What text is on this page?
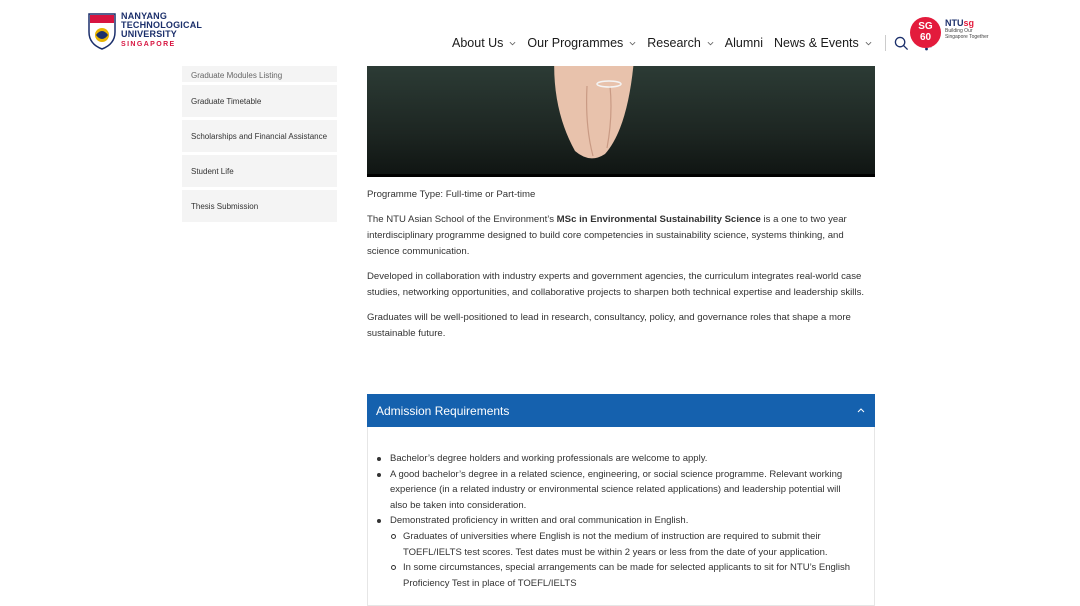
NANYANG
TECHNOLOGICAL
UNIVERSITY
SINGAPORE	About Us Our Programmes Research Alumni News & Events
SG
60
NTUsg
Building Our Singapore Together
Graduate Modules Listing
Graduate Timetable
Scholarships and Financial Assistance
Student Life
Thesis Submission

Programme Type: Full-time or Part-time

The NTU Asian School of the Environment’s MSc in Environmental Sustainability Science is a one to two year interdisciplinary programme designed to build core competencies in sustainability science, systems thinking, and science communication.

Developed in collaboration with industry experts and government agencies, the curriculum integrates real-world case studies, networking opportunities, and collaborative projects to sharpen both technical expertise and leadership skills.

Graduates will be well-positioned to lead in research, consultancy, policy, and governance roles that shape a more sustainable future.

Admission Requirements
Bachelor’s degree holders and working professionals are welcome to apply.
A good bachelor’s degree in a related science, engineering, or social science programme. Relevant working experience (in a related industry or environmental science related applications) and leadership potential will also be taken into consideration.
Demonstrated proficiency in written and oral communication in English.
Graduates of universities where English is not the medium of instruction are required to submit their TOEFL/IELTS test scores. Test dates must be within 2 years or less from the date of your application.
In some circumstances, special arrangements can be made for selected applicants to sit for NTU’s English Proficiency Test in place of TOEFL/IELTS
